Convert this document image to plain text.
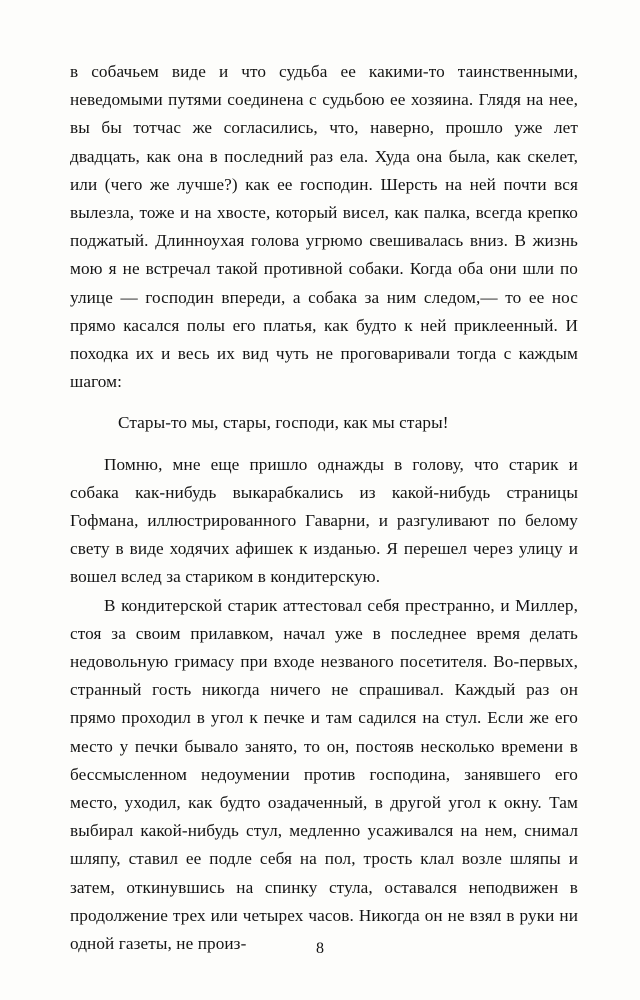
в собачьем виде и что судьба ее какими-то таинственными, неведомыми путями соединена с судьбою ее хозяина. Глядя на нее, вы бы тотчас же согласились, что, наверно, прошло уже лет двадцать, как она в последний раз ела. Худа она была, как скелет, или (чего же лучше?) как ее господин. Шерсть на ней почти вся вылезла, тоже и на хвосте, который висел, как палка, всегда крепко поджатый. Длинноухая голова угрюмо свешивалась вниз. В жизнь мою я не встречал такой противной собаки. Когда оба они шли по улице — господин впереди, а собака за ним следом,— то ее нос прямо касался полы его платья, как будто к ней приклеенный. И походка их и весь их вид чуть не проговаривали тогда с каждым шагом:

Стары-то мы, стары, господи, как мы стары!

Помню, мне еще пришло однажды в голову, что старик и собака как-нибудь выкарабкались из какой-нибудь страницы Гофмана, иллюстрированного Гаварни, и разгуливают по белому свету в виде ходячих афишек к изданью. Я перешел через улицу и вошел вслед за стариком в кондитерскую.

В кондитерской старик аттестовал себя престранно, и Миллер, стоя за своим прилавком, начал уже в последнее время делать недовольную гримасу при входе незваного посетителя. Во-первых, странный гость никогда ничего не спрашивал. Каждый раз он прямо проходил в угол к печке и там садился на стул. Если же его место у печки бывало занято, то он, постояв несколько времени в бессмысленном недоумении против господина, занявшего его место, уходил, как будто озадаченный, в другой угол к окну. Там выбирал какой-нибудь стул, медленно усаживался на нем, снимал шляпу, ставил ее подле себя на пол, трость клал возле шляпы и затем, откинувшись на спинку стула, оставался неподвижен в продолжение трех или четырех часов. Никогда он не взял в руки ни одной газеты, не произ-	8
